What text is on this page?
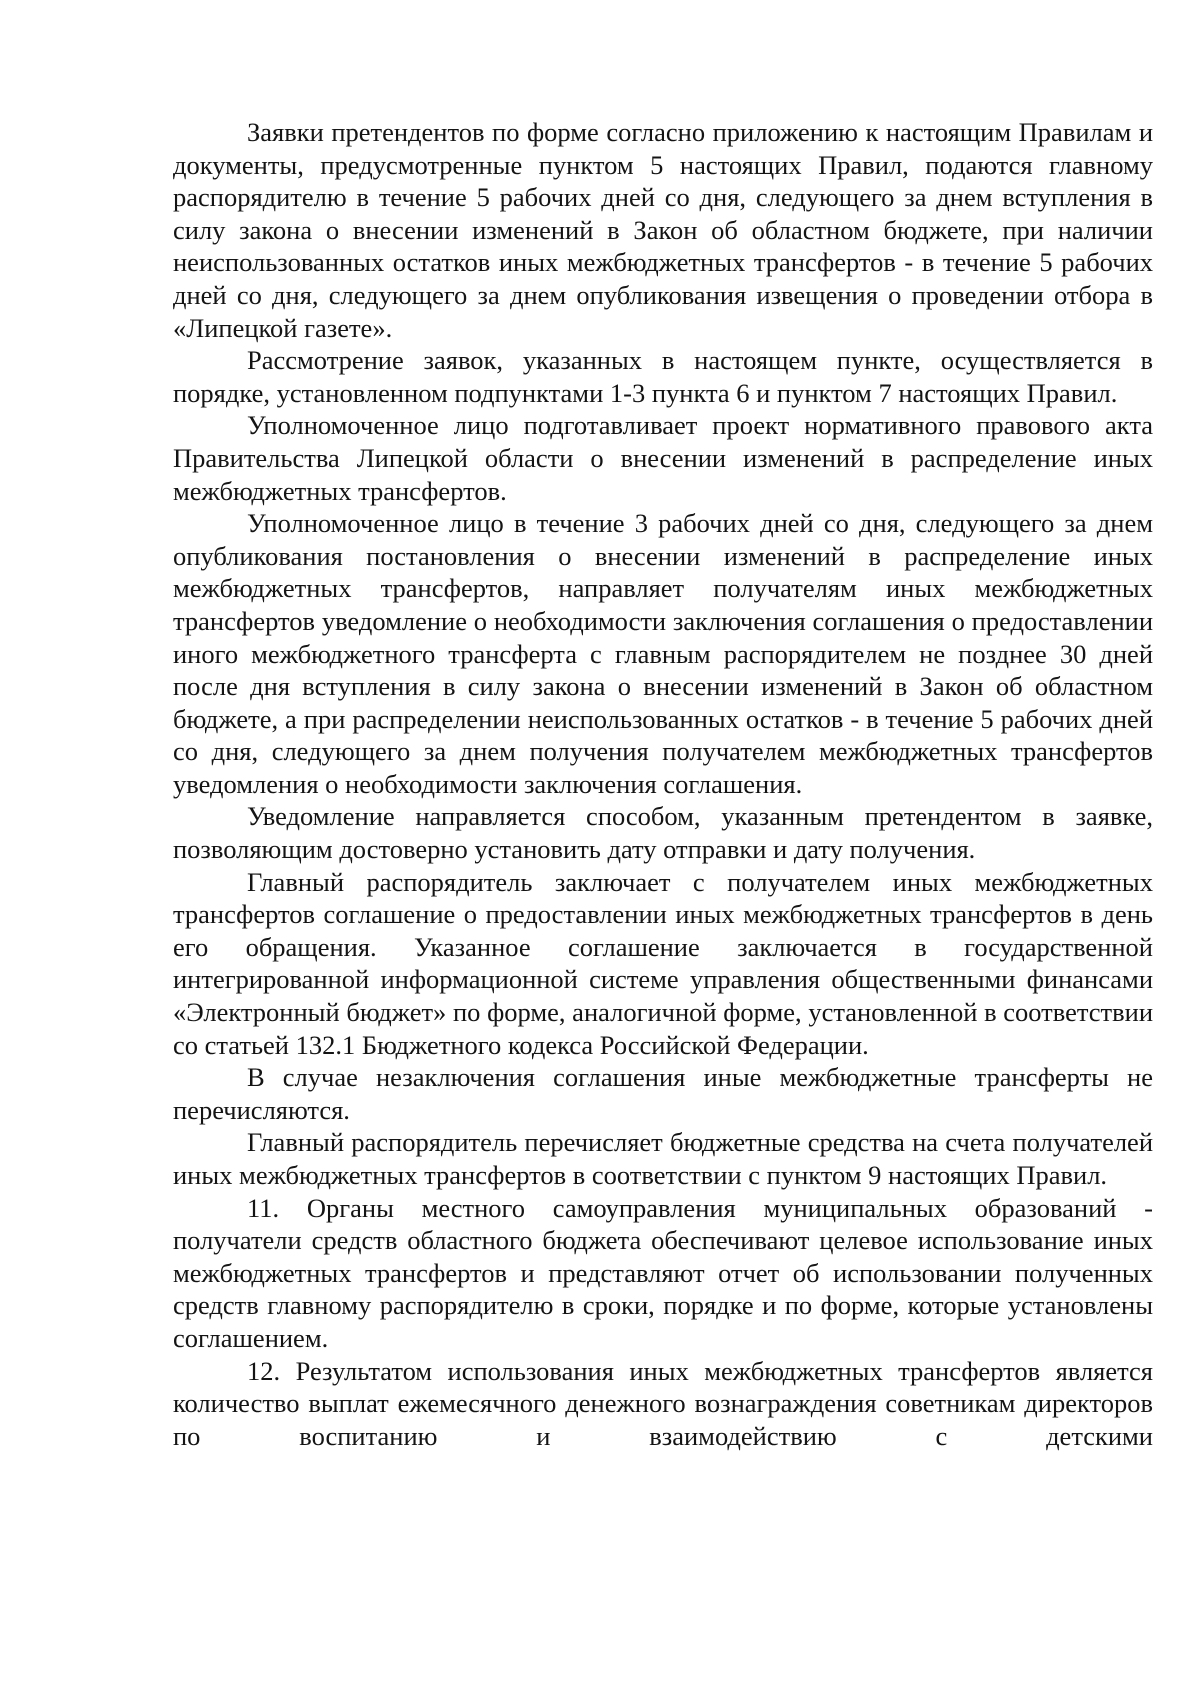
Заявки претендентов по форме согласно приложению к настоящим Правилам и документы, предусмотренные пунктом 5 настоящих Правил, подаются главному распорядителю в течение 5 рабочих дней со дня, следующего за днем вступления в силу закона о внесении изменений в Закон об областном бюджете, при наличии неиспользованных остатков иных межбюджетных трансфертов - в течение 5 рабочих дней со дня, следующего за днем опубликования извещения о проведении отбора в «Липецкой газете».

Рассмотрение заявок, указанных в настоящем пункте, осуществляется в порядке, установленном подпунктами 1-3 пункта 6 и пунктом 7 настоящих Правил.

Уполномоченное лицо подготавливает проект нормативного правового акта Правительства Липецкой области о внесении изменений в распределение иных межбюджетных трансфертов.

Уполномоченное лицо в течение 3 рабочих дней со дня, следующего за днем опубликования постановления о внесении изменений в распределение иных межбюджетных трансфертов, направляет получателям иных межбюджетных трансфертов уведомление о необходимости заключения соглашения о предоставлении иного межбюджетного трансферта с главным распорядителем не позднее 30 дней после дня вступления в силу закона о внесении изменений в Закон об областном бюджете, а при распределении неиспользованных остатков - в течение 5 рабочих дней со дня, следующего за днем получения получателем межбюджетных трансфертов уведомления о необходимости заключения соглашения.

Уведомление направляется способом, указанным претендентом в заявке, позволяющим достоверно установить дату отправки и дату получения.

Главный распорядитель заключает с получателем иных межбюджетных трансфертов соглашение о предоставлении иных межбюджетных трансфертов в день его обращения. Указанное соглашение заключается в государственной интегрированной информационной системе управления общественными финансами «Электронный бюджет» по форме, аналогичной форме, установленной в соответствии со статьей 132.1 Бюджетного кодекса Российской Федерации.

В случае незаключения соглашения иные межбюджетные трансферты не перечисляются.

Главный распорядитель перечисляет бюджетные средства на счета получателей иных межбюджетных трансфертов в соответствии с пунктом 9 настоящих Правил.

11. Органы местного самоуправления муниципальных образований - получатели средств областного бюджета обеспечивают целевое использование иных межбюджетных трансфертов и представляют отчет об использовании полученных средств главному распорядителю в сроки, порядке и по форме, которые установлены соглашением.

12. Результатом использования иных межбюджетных трансфертов является количество выплат ежемесячного денежного вознаграждения советникам директоров по воспитанию и взаимодействию с детскими
